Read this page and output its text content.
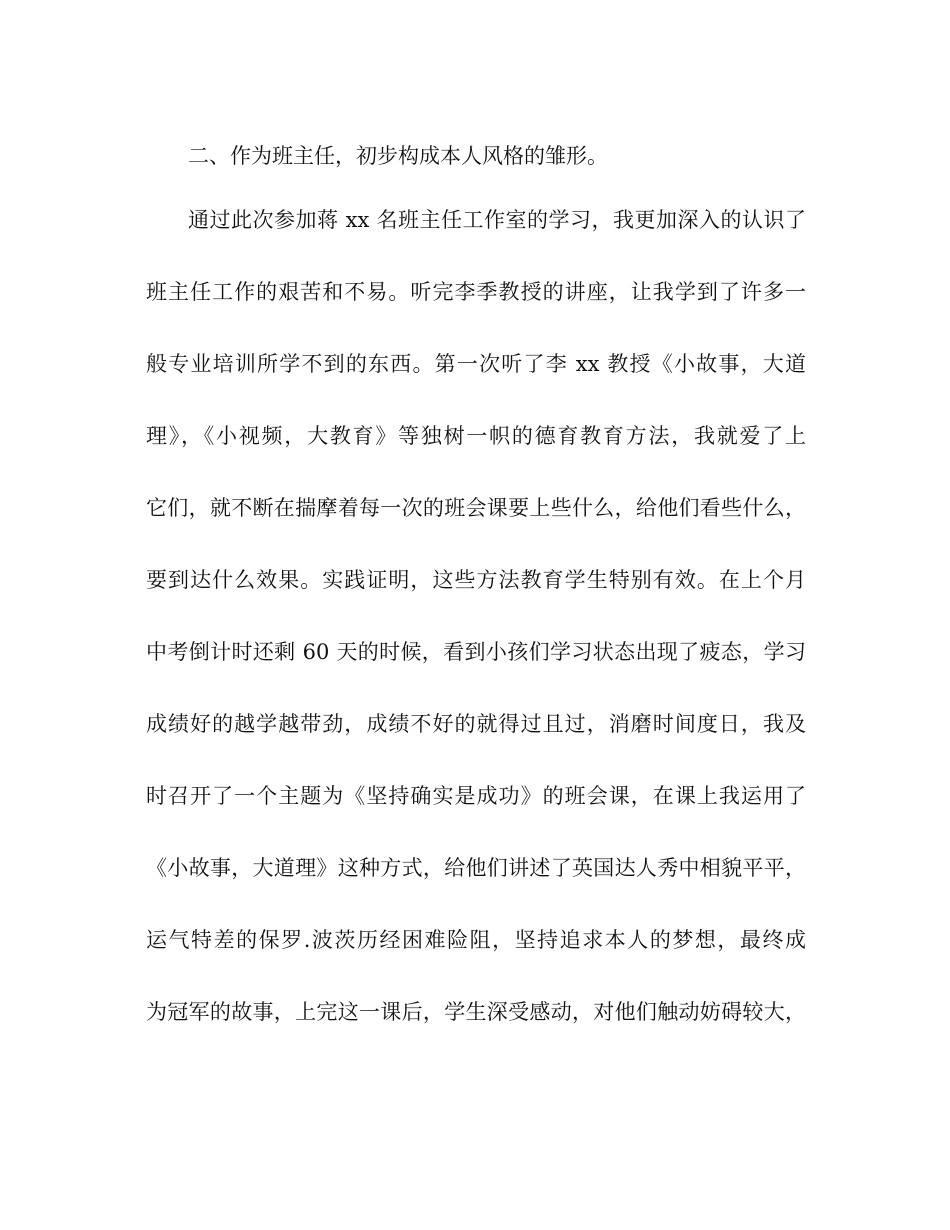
二、作为班主任，初步构成本人风格的雏形。
通过此次参加蒋 xx 名班主任工作室的学习，我更加深入的认识了
班主任工作的艰苦和不易。听完李季教授的讲座，让我学到了许多一
般专业培训所学不到的东西。第一次听了李 xx 教授《小故事，大道
理》，《小视频，大教育》等独树一帜的德育教育方法，我就爱了上
它们，就不断在揣摩着每一次的班会课要上些什么，给他们看些什么，
要到达什么效果。实践证明，这些方法教育学生特别有效。在上个月
中考倒计时还剩 60 天的时候，看到小孩们学习状态出现了疲态，学习
成绩好的越学越带劲，成绩不好的就得过且过，消磨时间度日，我及
时召开了一个主题为《坚持确实是成功》的班会课，在课上我运用了
《小故事，大道理》这种方式，给他们讲述了英国达人秀中相貌平平，
运气特差的保罗.波茨历经困难险阻，坚持追求本人的梦想，最终成
为冠军的故事，上完这一课后，学生深受感动，对他们触动妨碍较大，
